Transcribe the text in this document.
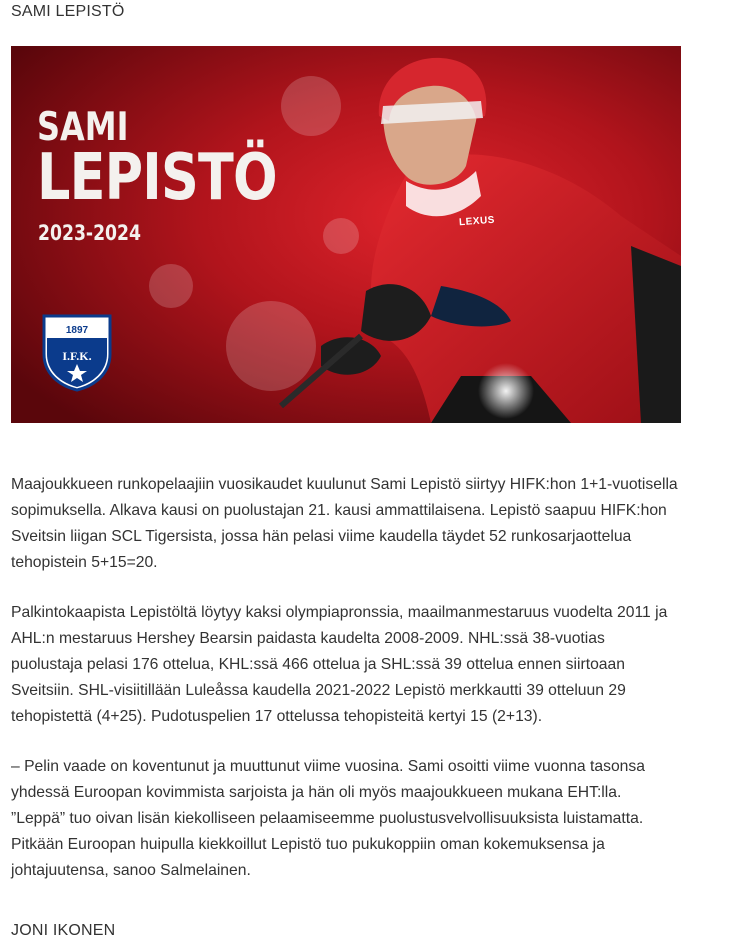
SAMI LEPISTÖ
SAMI
LEPISTÖ
2023-2024
1897
I.F.K.
LEXUS

Maajoukkueen runkopelaajiin vuosikaudet kuulunut Sami Lepistö siirtyy HIFK:hon 1+1-vuotisella sopimuksella. Alkava kausi on puolustajan 21. kausi ammattilaisena. Lepistö saapuu HIFK:hon Sveitsin liigan SCL Tigersista, jossa hän pelasi viime kaudella täydet 52 runkosarjaottelua tehopistein 5+15=20.

Palkintokaapista Lepistöltä löytyy kaksi olympiapronssia, maailmanmestaruus vuodelta 2011 ja AHL:n mestaruus Hershey Bearsin paidasta kaudelta 2008-2009. NHL:ssä 38-vuotias puolustaja pelasi 176 ottelua, KHL:ssä 466 ottelua ja SHL:ssä 39 ottelua ennen siirtoaan Sveitsiin. SHL-visiitillään Luleåssa kaudella 2021-2022 Lepistö merkkautti 39 otteluun 29 tehopistettä (4+25). Pudotuspelien 17 ottelussa tehopisteitä kertyi 15 (2+13).

– Pelin vaade on koventunut ja muuttunut viime vuosina. Sami osoitti viime vuonna tasonsa yhdessä Euroopan kovimmista sarjoista ja hän oli myös maajoukkueen mukana EHT:lla. ”Leppä” tuo oivan lisän kiekolliseen pelaamiseemme puolustusvelvollisuuksista luistamatta. Pitkään Euroopan huipulla kiekkoillut Lepistö tuo pukukoppiin oman kokemuksensa ja johtajuutensa, sanoo Salmelainen.

JONI IKONEN
